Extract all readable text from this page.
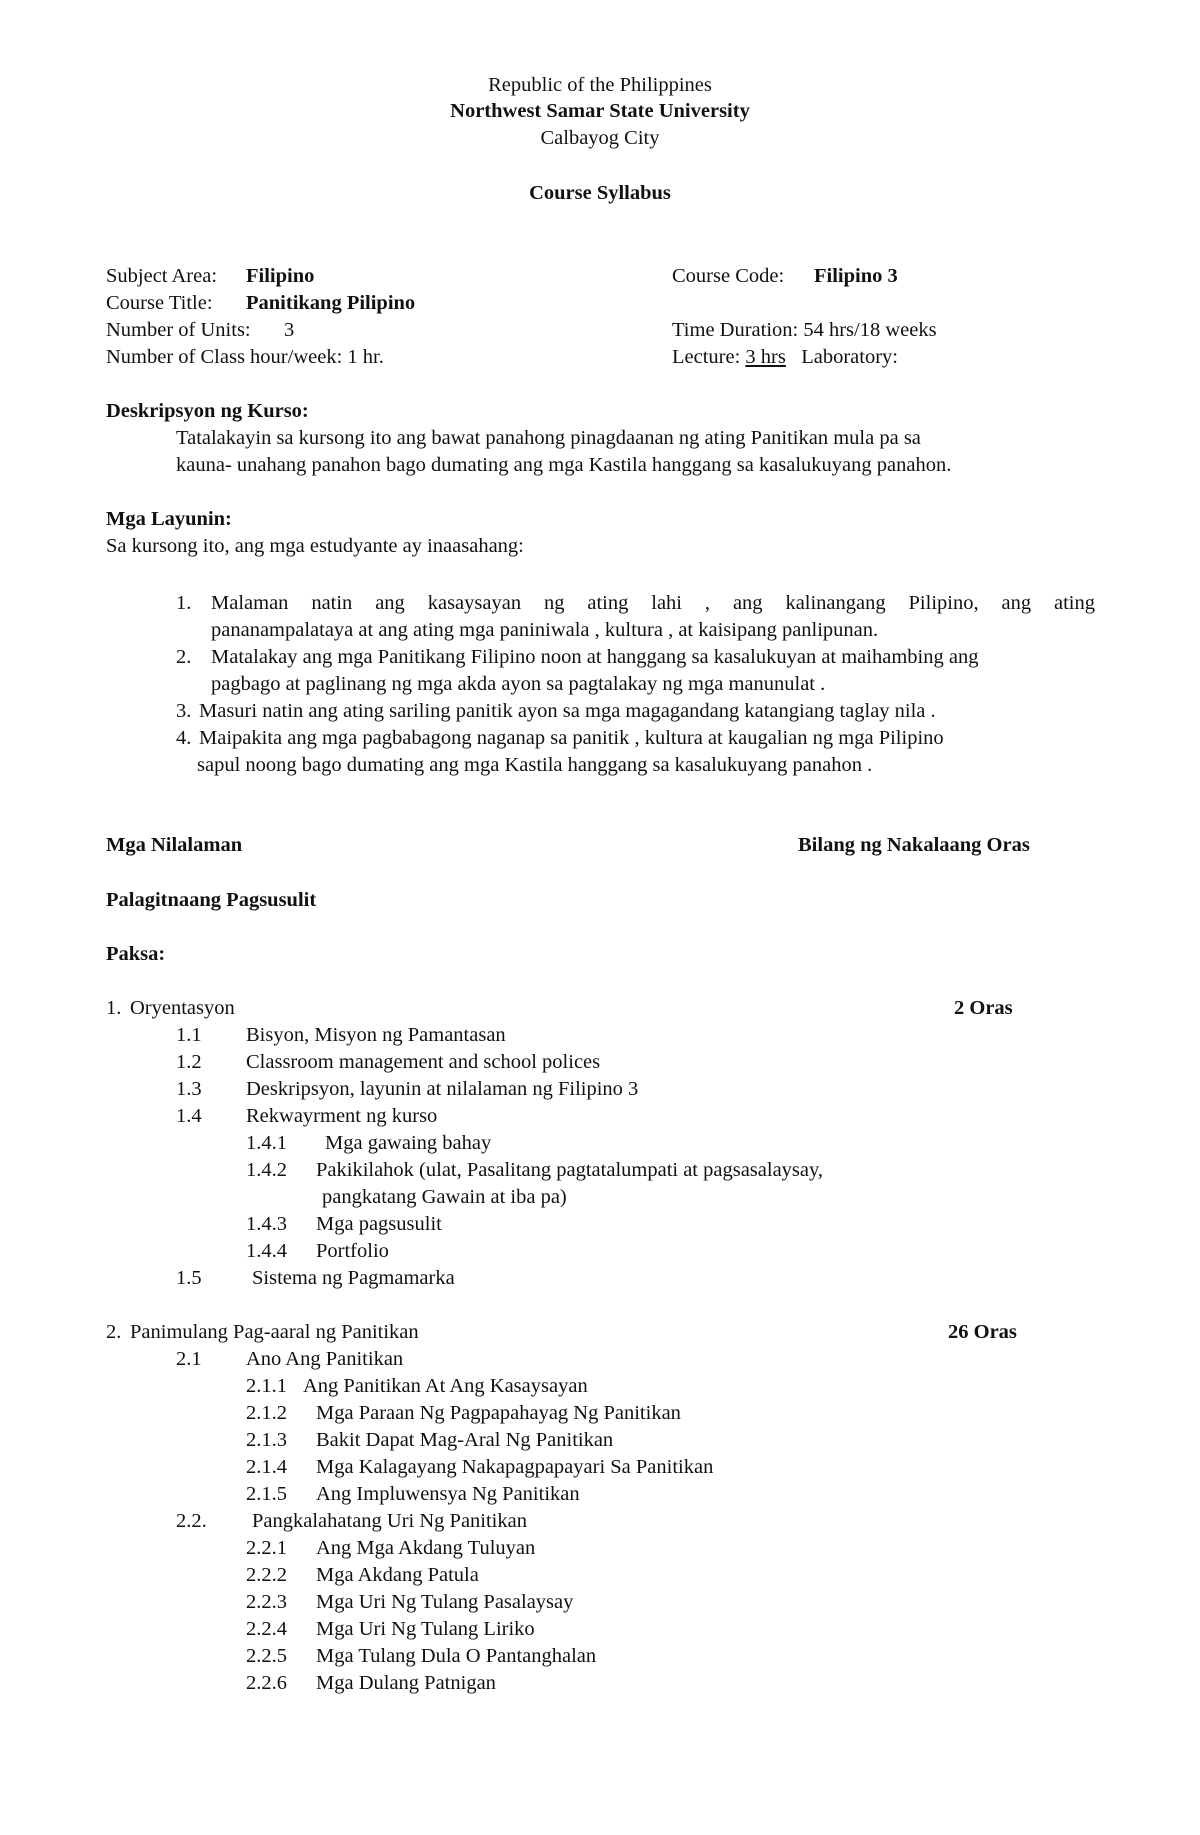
Republic of the Philippines
Northwest Samar State University
Calbayog City
Course Syllabus
Subject Area: Filipino	Course Code: Filipino 3
Course Title: Panitikang Pilipino
Number of Units: 3	Time Duration: 54 hrs/18 weeks
Number of Class hour/week: 1 hr.	Lecture: 3 hrs Laboratory:
Deskripsyon ng Kurso:
Tatalakayin sa kursong ito ang bawat panahong pinagdaanan ng ating Panitikan mula pa sa
kauna- unahang panahon bago dumating ang mga Kastila hanggang sa kasalukuyang panahon.
Mga Layunin:
Sa kursong ito, ang mga estudyante ay inaasahang:
1. Malaman natin ang kasaysayan ng ating lahi , ang kalinangang Pilipino, ang ating
pananampalataya at ang ating mga paniniwala , kultura , at kaisipang panlipunan.
2. Matalakay ang mga Panitikang Filipino noon at hanggang sa kasalukuyan at maihambing ang
pagbago at paglinang ng mga akda ayon sa pagtalakay ng mga manunulat .
3. Masuri natin ang ating sariling panitik ayon sa mga magagandang katangiang taglay nila .
4. Maipakita ang mga pagbabagong naganap sa panitik , kultura at kaugalian ng mga Pilipino
sapul noong bago dumating ang mga Kastila hanggang sa kasalukuyang panahon .
Mga Nilalaman	Bilang ng Nakalaang Oras
Palagitnaang Pagsusulit
Paksa:
1. Oryentasyon	2 Oras
1.1 Bisyon, Misyon ng Pamantasan
1.2 Classroom management and school polices
1.3 Deskripsyon, layunin at nilalaman ng Filipino 3
1.4 Rekwayrment ng kurso
1.4.1 Mga gawaing bahay
1.4.2 Pakikilahok (ulat, Pasalitang pagtatalumpati at pagsasalaysay,
pangkatang Gawain at iba pa)
1.4.3 Mga pagsusulit
1.4.4 Portfolio
1.5 Sistema ng Pagmamarka
2. Panimulang Pag-aaral ng Panitikan	26 Oras
2.1 Ano Ang Panitikan
2.1.1 Ang Panitikan At Ang Kasaysayan
2.1.2 Mga Paraan Ng Pagpapahayag Ng Panitikan
2.1.3 Bakit Dapat Mag-Aral Ng Panitikan
2.1.4 Mga Kalagayang Nakapagpapayari Sa Panitikan
2.1.5 Ang Impluwensya Ng Panitikan
2.2. Pangkalahatang Uri Ng Panitikan
2.2.1 Ang Mga Akdang Tuluyan
2.2.2 Mga Akdang Patula
2.2.3 Mga Uri Ng Tulang Pasalaysay
2.2.4 Mga Uri Ng Tulang Liriko
2.2.5 Mga Tulang Dula O Pantanghalan
2.2.6 Mga Dulang Patnigan
